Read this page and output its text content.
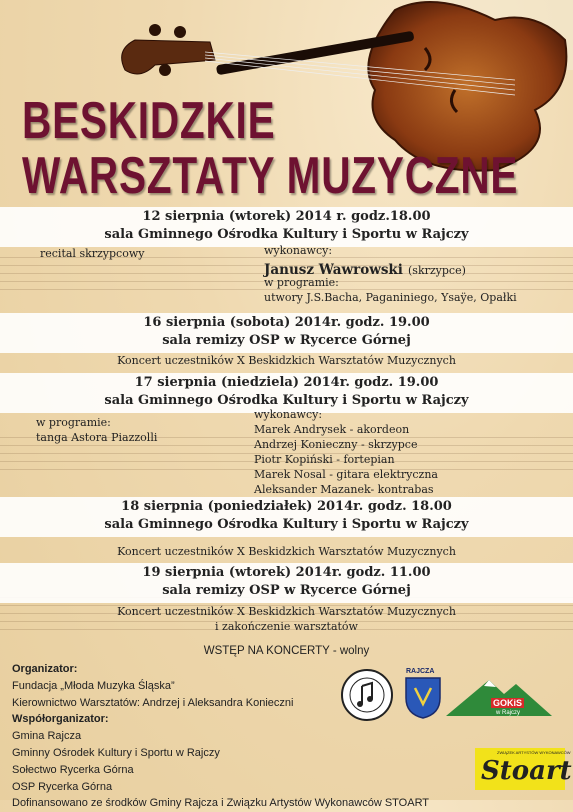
BESKIDZKIE
WARSZTATY MUZYCZNE
12 sierpnia (wtorek) 2014 r. godz.18.00
sala Gminnego Ośrodka Kultury i Sportu w Rajczy
recital skrzypcowy	wykonawcy:
Janusz Wawrowski (skrzypce)
w programie:
utwory J.S.Bacha, Paganiniego, Ysaÿe, Opałki
16 sierpnia (sobota) 2014r. godz. 19.00
sala remizy OSP w Rycerce Górnej
Koncert uczestników X Beskidzkich Warsztatów Muzycznych
17 sierpnia (niedziela) 2014r. godz. 19.00
sala Gminnego Ośrodka Kultury i Sportu w Rajczy
w programie:
tanga Astora Piazzolli
wykonawcy:
Marek Andrysek - akordeon
Andrzej Konieczny - skrzypce
Piotr Kopiński - fortepian
Marek Nosal - gitara elektryczna
Aleksander Mazanek- kontrabas
18 sierpnia (poniedziałek) 2014r. godz. 18.00
sala Gminnego Ośrodka Kultury i Sportu w Rajczy
Koncert uczestników X Beskidzkich Warsztatów Muzycznych
19 sierpnia (wtorek) 2014r. godz. 11.00
sala remizy OSP w Rycerce Górnej
Koncert uczestników X Beskidzkich Warsztatów Muzycznych
i zakończenie warsztatów
WSTĘP NA KONCERTY - wolny
Organizator:
Fundacja „Młoda Muzyka Śląska”
Kierownictwo Warsztatów: Andrzej i Aleksandra Konieczni
Współorganizator:
Gmina Rajcza
Gminny Ośrodek Kultury i Sportu w Rajczy
Sołectwo Rycerka Górna
OSP Rycerka Górna
Dofinansowano ze środków Gminy Rajcza i Związku Artystów Wykonawców STOART
RAJCZA
GOKiS
w Rajczy
ZWIĄZEK ARTYSTÓW WYKONAWCÓW
Stoart
